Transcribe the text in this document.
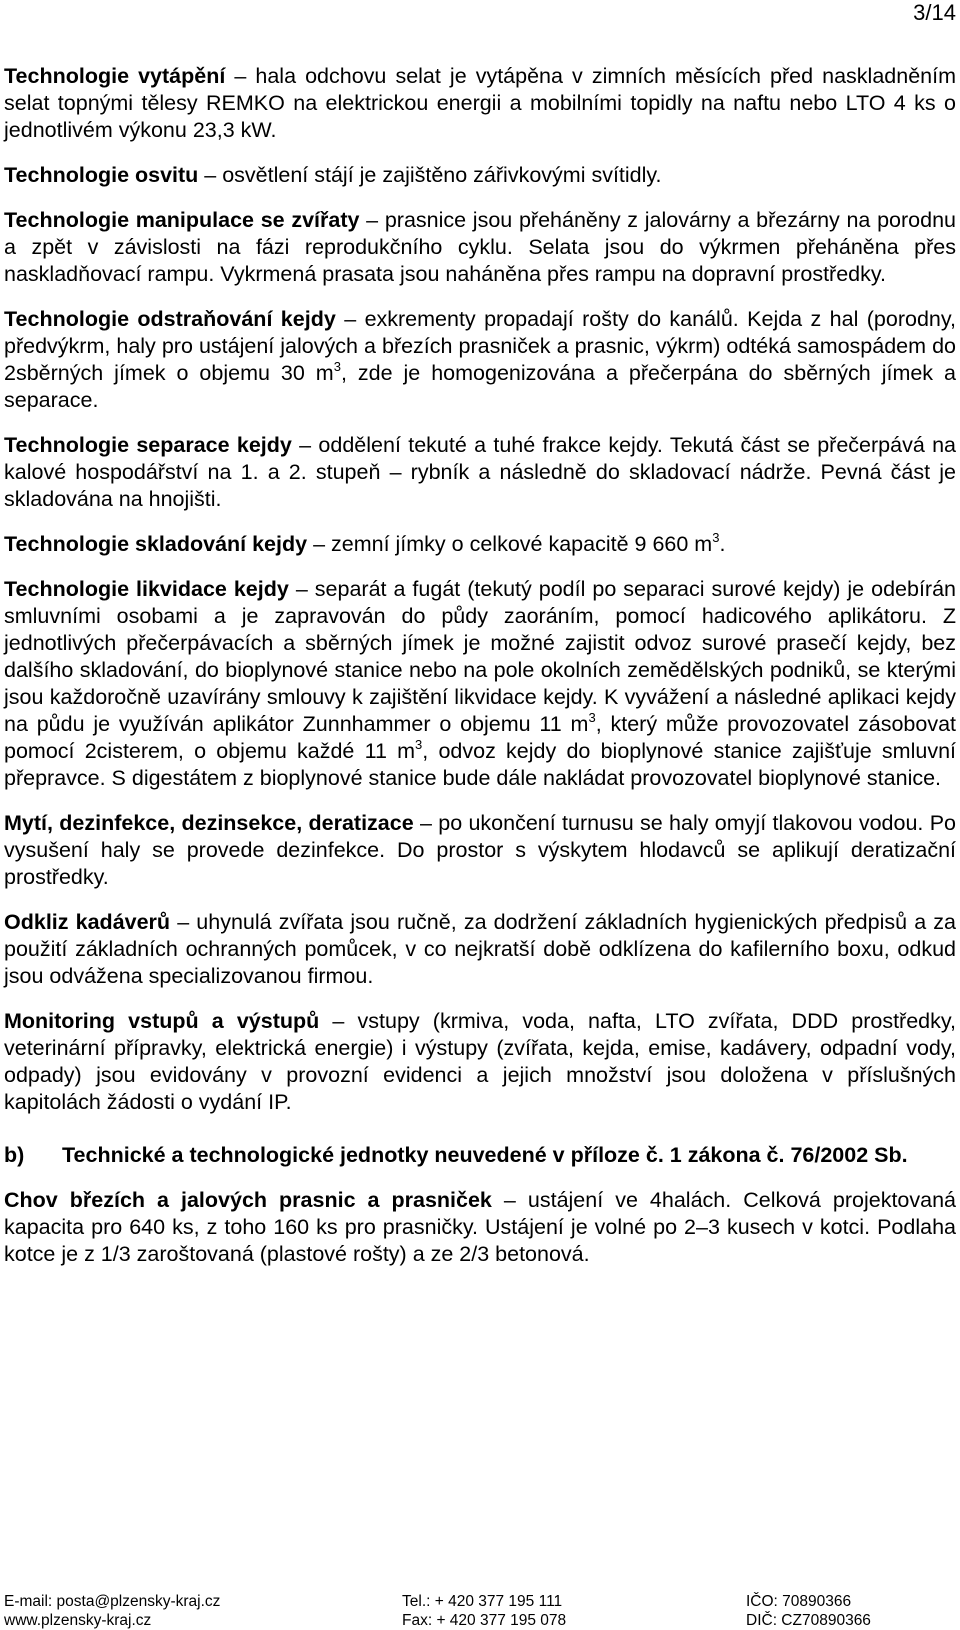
3/14

Technologie vytápění – hala odchovu selat je vytápěna v zimních měsících před naskladněním selat topnými tělesy REMKO na elektrickou energii a mobilními topidly na naftu nebo LTO 4 ks o jednotlivém výkonu 23,3 kW.

Technologie osvitu – osvětlení stájí je zajištěno zářivkovými svítidly.

Technologie manipulace se zvířaty – prasnice jsou přeháněny z jalovárny a březárny na porodnu a zpět v závislosti na fázi reprodukčního cyklu. Selata jsou do výkrmen přeháněna přes naskladňovací rampu. Vykrmená prasata jsou naháněna přes rampu na dopravní prostředky.

Technologie odstraňování kejdy – exkrementy propadají rošty do kanálů. Kejda z hal (porodny, předvýkrm, haly pro ustájení jalových a březích prasniček a prasnic, výkrm) odtéká samospádem do 2sběrných jímek o objemu 30 $m^3$, zde je homogenizována a přečerpána do sběrných jímek a separace.

Technologie separace kejdy – oddělení tekuté a tuhé frakce kejdy. Tekutá část se přečerpává na kalové hospodářství na 1. a 2. stupeň – rybník a následně do skladovací nádrže. Pevná část je skladována na hnojišti.

Technologie skladování kejdy – zemní jímky o celkové kapacitě 9 660 $m^3$.

Technologie likvidace kejdy – separát a fugát (tekutý podíl po separaci surové kejdy) je odebírán smluvními osobami a je zapravován do půdy zaoráním, pomocí hadicového aplikátoru. Z jednotlivých přečerpávacích a sběrných jímek je možné zajistit odvoz surové prasečí kejdy, bez dalšího skladování, do bioplynové stanice nebo na pole okolních zemědělských podniků, se kterými jsou každoročně uzavírány smlouvy k zajištění likvidace kejdy. K vyvážení a následné aplikaci kejdy na půdu je využíván aplikátor Zunnhammer o objemu 11 $m^3$, který může provozovatel zásobovat pomocí 2cisterem, o objemu každé 11 $m^3$, odvoz kejdy do bioplynové stanice zajišťuje smluvní přepravce. S digestátem z bioplynové stanice bude dále nakládat provozovatel bioplynové stanice.

Mytí, dezinfekce, dezinsekce, deratizace – po ukončení turnusu se haly omyjí tlakovou vodou. Po vysušení haly se provede dezinfekce. Do prostor s výskytem hlodavců se aplikují deratizační prostředky.

Odkliz kadáverů – uhynulá zvířata jsou ručně, za dodržení základních hygienických předpisů a za použití základních ochranných pomůcek, v co nejkratší době odklízena do kafilerního boxu, odkud jsou odvážena specializovanou firmou.

Monitoring vstupů a výstupů – vstupy (krmiva, voda, nafta, LTO zvířata, DDD prostředky, veterinární přípravky, elektrická energie) i výstupy (zvířata, kejda, emise, kadávery, odpadní vody, odpady) jsou evidovány v provozní evidenci a jejich množství jsou doložena v příslušných kapitolách žádosti o vydání IP.

b)	Technické a technologické jednotky neuvedené v příloze č. 1 zákona č. 76/2002 Sb.

Chov březích a jalových prasnic a prasniček – ustájení ve 4halách. Celková projektovaná kapacita pro 640 ks, z toho 160 ks pro prasničky. Ustájení je volné po 2–3 kusech v kotci. Podlaha kotce je z 1/3 zaroštovaná (plastové rošty) a ze 2/3 betonová.

E-mail: posta@plzensky-kraj.cz
www.plzensky-kraj.cz
Tel.: + 420 377 195 111
Fax: + 420 377 195 078
IČO: 70890366
DIČ: CZ70890366
